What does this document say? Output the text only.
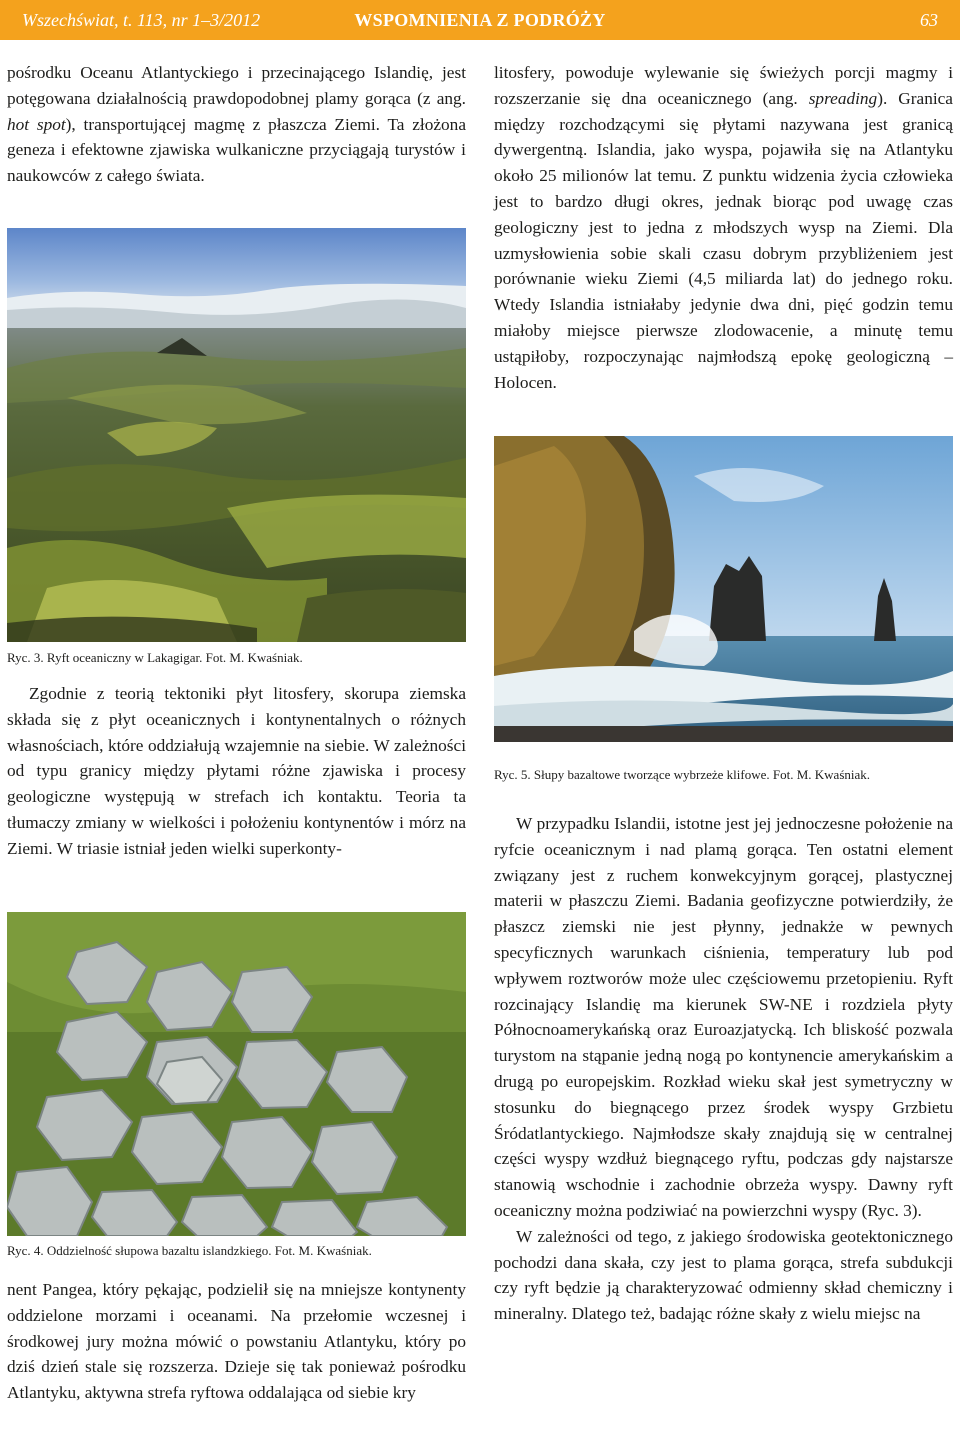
Wszechświat, t. 113, nr 1–3/2012	WSPOMNIENIA Z PODRÓŻY	63

pośrodku Oceanu Atlantyckiego i przecinającego Islandię, jest potęgowana działalnością prawdopodobnej plamy gorąca (z ang. hot spot), transportującej magmę z płaszcza Ziemi. Ta złożona geneza i efektowne zjawiska wulkaniczne przyciągają turystów i naukowców z całego świata.

Ryc. 3. Ryft oceaniczny w Lakagigar. Fot. M. Kwaśniak.

Zgodnie z teorią tektoniki płyt litosfery, skorupa ziemska składa się z płyt oceanicznych i kontynentalnych o różnych własnościach, które oddziałują wzajemnie na siebie. W zależności od typu granicy między płytami różne zjawiska i procesy geologiczne występują w strefach ich kontaktu. Teoria ta tłumaczy zmiany w wielkości i położeniu kontynentów i mórz na Ziemi. W triasie istniał jeden wielki superkonty-

Ryc. 4. Oddzielność słupowa bazaltu islandzkiego. Fot. M. Kwaśniak.

nent Pangea, który pękając, podzielił się na mniejsze kontynenty oddzielone morzami i oceanami. Na przełomie wczesnej i środkowej jury można mówić o powstaniu Atlantyku, który po dziś dzień stale się rozszerza. Dzieje się tak ponieważ pośrodku Atlantyku, aktywna strefa ryftowa oddalająca od siebie kry

litosfery, powoduje wylewanie się świeżych porcji magmy i rozszerzanie się dna oceanicznego (ang. spreading). Granica między rozchodzącymi się płytami nazywana jest granicą dywergentną. Islandia, jako wyspa, pojawiła się na Atlantyku około 25 milionów lat temu. Z punktu widzenia życia człowieka jest to bardzo długi okres, jednak biorąc pod uwagę czas geologiczny jest to jedna z młodszych wysp na Ziemi. Dla uzmysłowienia sobie skali czasu dobrym przybliżeniem jest porównanie wieku Ziemi (4,5 miliarda lat) do jednego roku. Wtedy Islandia istniałaby jedynie dwa dni, pięć godzin temu miałoby miejsce pierwsze zlodowacenie, a minutę temu ustąpiłoby, rozpoczynając najmłodszą epokę geologiczną – Holocen.

Ryc. 5. Słupy bazaltowe tworzące wybrzeże klifowe. Fot. M. Kwaśniak.

W przypadku Islandii, istotne jest jej jednoczesne położenie na ryfcie oceanicznym i nad plamą gorąca. Ten ostatni element związany jest z ruchem konwekcyjnym gorącej, plastycznej materii w płaszczu Ziemi. Badania geofizyczne potwierdziły, że płaszcz ziemski nie jest płynny, jednakże w pewnych specyficznych warunkach ciśnienia, temperatury lub pod wpływem roztworów może ulec częściowemu przetopieniu. Ryft rozcinający Islandię ma kierunek SW-NE i rozdziela płyty Północnoamerykańską oraz Euroazjatycką. Ich bliskość pozwala turystom na stąpanie jedną nogą po kontynencie amerykańskim a drugą po europejskim. Rozkład wieku skał jest symetryczny w stosunku do biegnącego przez środek wyspy Grzbietu Śródatlantyckiego. Najmłodsze skały znajdują się w centralnej części wyspy wzdłuż biegnącego ryftu, podczas gdy najstarsze stanowią wschodnie i zachodnie obrzeża wyspy. Dawny ryft oceaniczny można podziwiać na powierzchni wyspy (Ryc. 3).

W zależności od tego, z jakiego środowiska geotektonicznego pochodzi dana skała, czy jest to plama gorąca, strefa subdukcji czy ryft będzie ją charakteryzować odmienny skład chemiczny i mineralny. Dlatego też, badając różne skały z wielu miejsc na
